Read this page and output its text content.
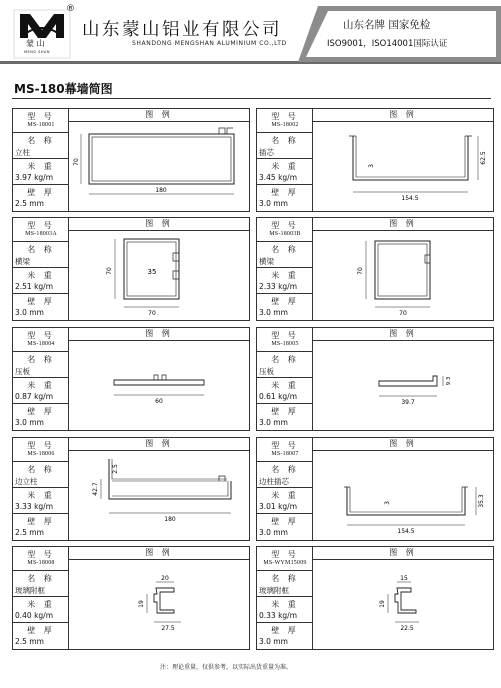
蒙 山
MENG SHAN
®
山东蒙山铝业有限公司
SHANDONG MENGSHAN ALUMINIUM CO.,LTD
山东名牌 国家免检
ISO9001，ISO14001国际认证
MS-180幕墙简图
型 号
MS-18001
名 称
立柱
米 重
3.97 kg/m
壁 厚
2.5 mm
图 例
70
180
型 号
MS-18002
名 称
插芯
米 重
3.45 kg/m
壁 厚
3.0 mm
图 例
3
62.5
154.5
型 号
MS-18003A
名 称
横梁
米 重
2.51 kg/m
壁 厚
3.0 mm
图 例
35
70
70
型 号
MS-18003B
名 称
横梁
米 重
2.33 kg/m
壁 厚
3.0 mm
图 例
70
70
型 号
MS-18004
名 称
压板
米 重
0.87 kg/m
壁 厚
3.0 mm
图 例
60
型 号
MS-18005
名 称
压板
米 重
0.61 kg/m
壁 厚
3.0 mm
图 例
9.3
39.7
型 号
MS-18006
名 称
边立柱
米 重
3.33 kg/m
壁 厚
2.5 mm
图 例
2.5
42.7
180
型 号
MS-18007
名 称
边柱插芯
米 重
3.01 kg/m
壁 厚
3.0 mm
图 例
3	35.3
154.5
型 号
MS-18008
名 称
玻璃附框
米 重
0.40 kg/m
壁 厚
2.5 mm
图 例
20
19
27.5
型 号
MS-WYM15009
名 称
玻璃附框
米 重
0.33 kg/m
壁 厚
3.0 mm
图 例
15
19
22.5
注：理论重量，仅供参考，以实际出货重量为准。
